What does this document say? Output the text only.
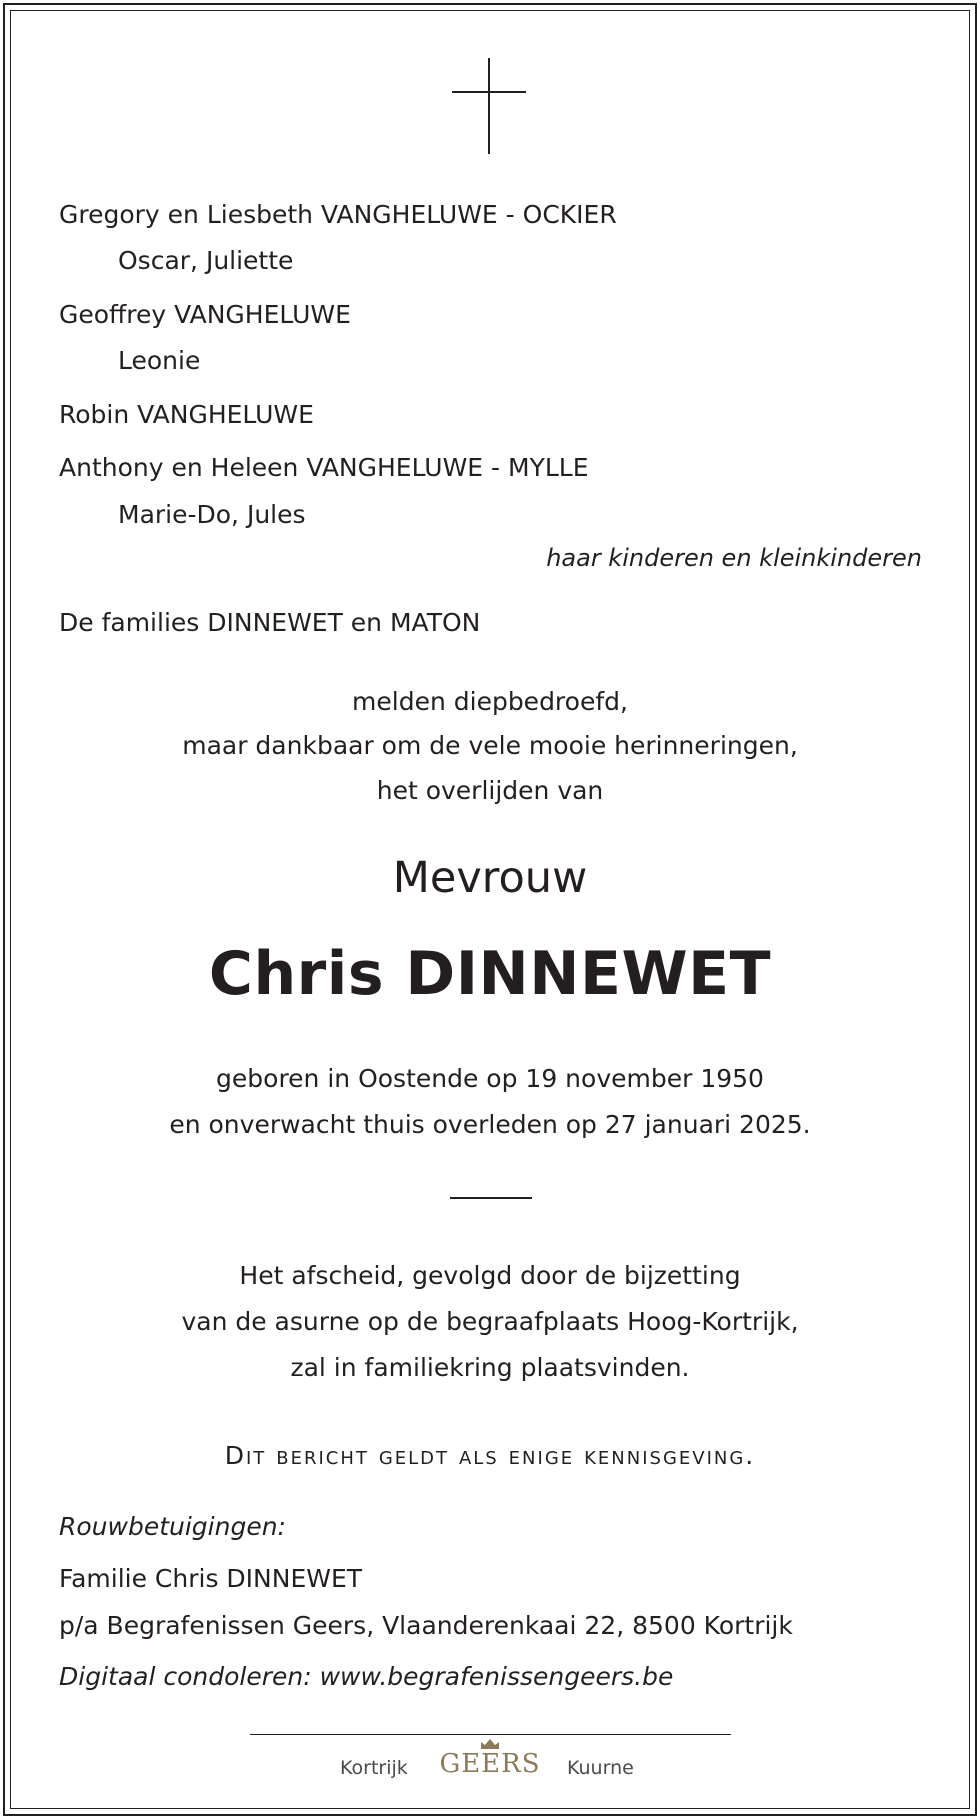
Gregory en Liesbeth VANGHELUWE - OCKIER
Oscar, Juliette
Geoffrey VANGHELUWE
Leonie
Robin VANGHELUWE
Anthony en Heleen VANGHELUWE - MYLLE
Marie-Do, Jules
haar kinderen en kleinkinderen
De families DINNEWET en MATON
melden diepbedroefd,
maar dankbaar om de vele mooie herinneringen,
het overlijden van
Mevrouw
Chris DINNEWET
geboren in Oostende op 19 november 1950
en onverwacht thuis overleden op 27 januari 2025.
Het afscheid, gevolgd door de bijzetting
van de asurne op de begraafplaats Hoog-Kortrijk,
zal in familiekring plaatsvinden.
Dit bericht geldt als enige kennisgeving.
Rouwbetuigingen:
Familie Chris DINNEWET
p/a Begrafenissen Geers, Vlaanderenkaai 22, 8500 Kortrijk
Digitaal condoleren: www.begrafenissengeers.be
Kortrijk GEERS Kuurne
